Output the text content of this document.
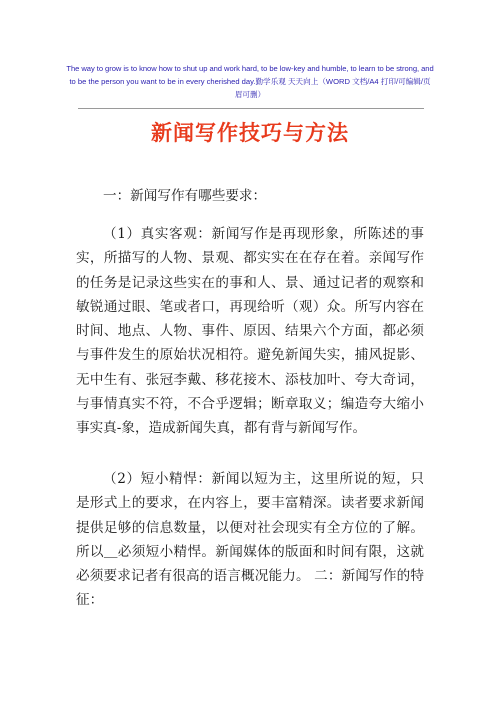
The way to grow is to know how to shut up and work hard, to be low-key and humble, to learn to be strong, and
to be the person you want to be in every cherished day.勤学乐观 天天向上（WORD 文档/A4 打印/可编辑/页
眉可删）
新闻写作技巧与方法
一：新闻写作有哪些要求：
（1）真实客观：新闻写作是再现形象，所陈述的事实，所描写的人物、景观、都实实在在存在着。亲闻写作的任务是记录这些实在的事和人、景、通过记者的观察和敏锐通过眼、笔或者口，再现给听（观）众。所写内容在时间、地点、人物、事件、原因、结果六个方面，都必须与事件发生的原始状况相符。避免新闻失实，捕风捉影、无中生有、张冠李戴、移花接木、添枝加叶、夸大奇词，与事情真实不符，不合乎逻辑；断章取义；编造夸大缩小事实真-象，造成新闻失真，都有背与新闻写作。
（2）短小精悍：新闻以短为主，这里所说的短，只是形式上的要求，在内容上，要丰富精深。读者要求新闻提供足够的信息数量，以便对社会现实有全方位的了解。所以＿必须短小精悍。新闻媒体的版面和时间有限，这就必须要求记者有很高的语言概况能力。 二：新闻写作的特征：
